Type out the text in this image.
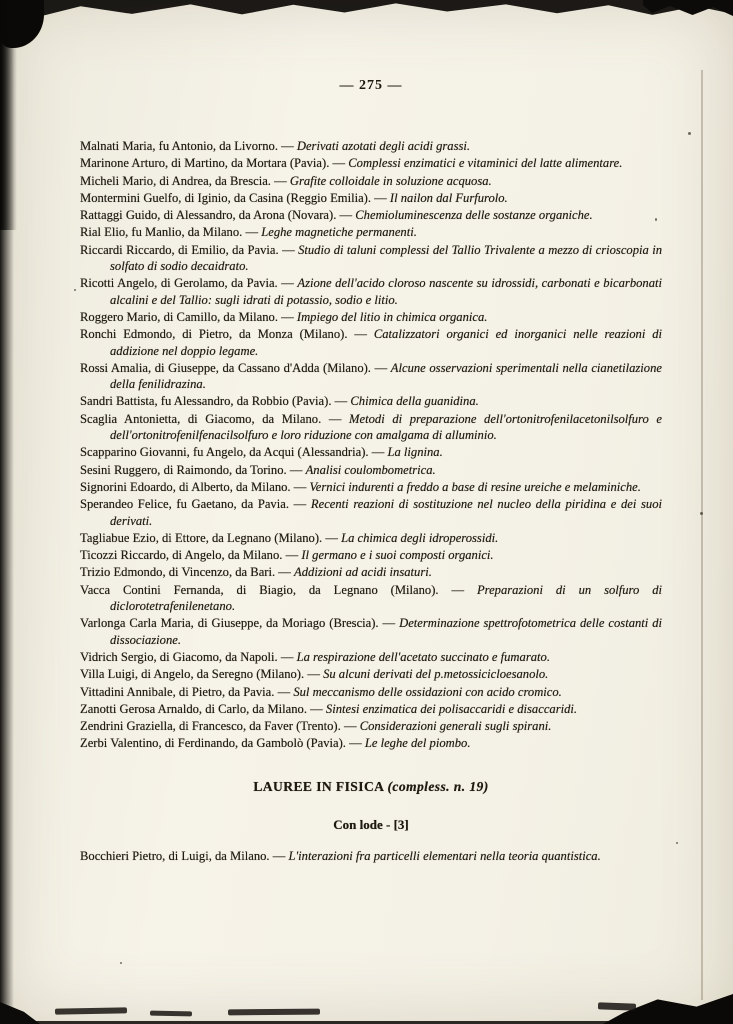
— 275 —

Malnati Maria, fu Antonio, da Livorno. — Derivati azotati degli acidi grassi.

Marinone Arturo, di Martino, da Mortara (Pavia). — Complessi enzimatici e vitaminici del latte alimentare.

Micheli Mario, di Andrea, da Brescia. — Grafite colloidale in soluzione acquosa.

Montermini Guelfo, di Iginio, da Casina (Reggio Emilia). — Il nailon dal Furfurolo.

Rattaggi Guido, di Alessandro, da Arona (Novara). — Chemioluminescenza delle sostanze organiche.

Rial Elio, fu Manlio, da Milano. — Leghe magnetiche permanenti.

Riccardi Riccardo, di Emilio, da Pavia. — Studio di taluni complessi del Tallio Trivalente a mezzo di crioscopia in solfato di sodio decaidrato.

Ricotti Angelo, di Gerolamo, da Pavia. — Azione dell'acido cloroso nascente su idrossidi, carbonati e bicarbonati alcalini e del Tallio: sugli idrati di potassio, sodio e litio.

Roggero Mario, di Camillo, da Milano. — Impiego del litio in chimica organica.

Ronchi Edmondo, di Pietro, da Monza (Milano). — Catalizzatori organici ed inorganici nelle reazioni di addizione nel doppio legame.

Rossi Amalia, di Giuseppe, da Cassano d'Adda (Milano). — Alcune osservazioni sperimentali nella cianetilazione della fenilidrazina.

Sandri Battista, fu Alessandro, da Robbio (Pavia). — Chimica della guanidina.

Scaglia Antonietta, di Giacomo, da Milano. — Metodi di preparazione dell'ortonitrofenilacetonilsolfuro e dell'ortonitrofenilfenacilsolfuro e loro riduzione con amalgama di alluminio.

Scapparino Giovanni, fu Angelo, da Acqui (Alessandria). — La lignina.

Sesini Ruggero, di Raimondo, da Torino. — Analisi coulombometrica.

Signorini Edoardo, di Alberto, da Milano. — Vernici indurenti a freddo a base di resine ureiche e melaminiche.

Sperandeo Felice, fu Gaetano, da Pavia. — Recenti reazioni di sostituzione nel nucleo della piridina e dei suoi derivati.

Tagliabue Ezio, di Ettore, da Legnano (Milano). — La chimica degli idroperossidi.

Ticozzi Riccardo, di Angelo, da Milano. — Il germano e i suoi composti organici.

Trizio Edmondo, di Vincenzo, da Bari. — Addizioni ad acidi insaturi.

Vacca Contini Fernanda, di Biagio, da Legnano (Milano). — Preparazioni di un solfuro di diclorotetrafenilenetano.

Varlonga Carla Maria, di Giuseppe, da Moriago (Brescia). — Determinazione spettrofotometrica delle costanti di dissociazione.

Vidrich Sergio, di Giacomo, da Napoli. — La respirazione dell'acetato succinato e fumarato.

Villa Luigi, di Angelo, da Seregno (Milano). — Su alcuni derivati del p.metossicicloesanolo.

Vittadini Annibale, di Pietro, da Pavia. — Sul meccanismo delle ossidazioni con acido cromico.

Zanotti Gerosa Arnaldo, di Carlo, da Milano. — Sintesi enzimatica dei polisaccaridi e disaccaridi.

Zendrini Graziella, di Francesco, da Faver (Trento). — Considerazioni generali sugli spirani.

Zerbi Valentino, di Ferdinando, da Gambolò (Pavia). — Le leghe del piombo.

LAUREE IN FISICA (compless. n. 19)
Con lode - [3]

Bocchieri Pietro, di Luigi, da Milano. — L'interazioni fra particelli elementari nella teoria quantistica.
